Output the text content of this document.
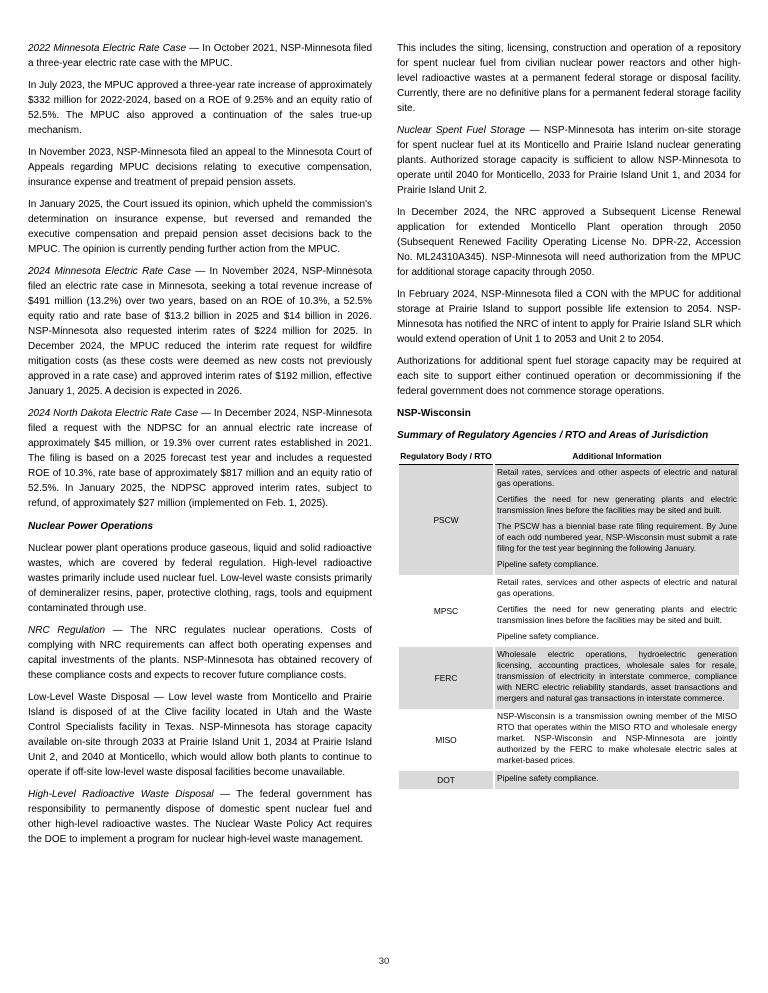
2022 Minnesota Electric Rate Case — In October 2021, NSP-Minnesota filed a three-year electric rate case with the MPUC.

In July 2023, the MPUC approved a three-year rate increase of approximately $332 million for 2022-2024, based on a ROE of 9.25% and an equity ratio of 52.5%. The MPUC also approved a continuation of the sales true-up mechanism.

In November 2023, NSP-Minnesota filed an appeal to the Minnesota Court of Appeals regarding MPUC decisions relating to executive compensation, insurance expense and treatment of prepaid pension assets.

In January 2025, the Court issued its opinion, which upheld the commission's determination on insurance expense, but reversed and remanded the executive compensation and prepaid pension asset decisions back to the MPUC. The opinion is currently pending further action from the MPUC.

2024 Minnesota Electric Rate Case — In November 2024, NSP-Minnesota filed an electric rate case in Minnesota, seeking a total revenue increase of $491 million (13.2%) over two years, based on an ROE of 10.3%, a 52.5% equity ratio and rate base of $13.2 billion in 2025 and $14 billion in 2026. NSP-Minnesota also requested interim rates of $224 million for 2025. In December 2024, the MPUC reduced the interim rate request for wildfire mitigation costs (as these costs were deemed as new costs not previously approved in a rate case) and approved interim rates of $192 million, effective January 1, 2025. A decision is expected in 2026.

2024 North Dakota Electric Rate Case — In December 2024, NSP-Minnesota filed a request with the NDPSC for an annual electric rate increase of approximately $45 million, or 19.3% over current rates established in 2021. The filing is based on a 2025 forecast test year and includes a requested ROE of 10.3%, rate base of approximately $817 million and an equity ratio of 52.5%. In January 2025, the NDPSC approved interim rates, subject to refund, of approximately $27 million (implemented on Feb. 1, 2025).

Nuclear Power Operations

Nuclear power plant operations produce gaseous, liquid and solid radioactive wastes, which are covered by federal regulation. High-level radioactive wastes primarily include used nuclear fuel. Low-level waste consists primarily of demineralizer resins, paper, protective clothing, rags, tools and equipment contaminated through use.

NRC Regulation — The NRC regulates nuclear operations. Costs of complying with NRC requirements can affect both operating expenses and capital investments of the plants. NSP-Minnesota has obtained recovery of these compliance costs and expects to recover future compliance costs.

Low-Level Waste Disposal — Low level waste from Monticello and Prairie Island is disposed of at the Clive facility located in Utah and the Waste Control Specialists facility in Texas. NSP-Minnesota has storage capacity available on-site through 2033 at Prairie Island Unit 1, 2034 at Prairie Island Unit 2, and 2040 at Monticello, which would allow both plants to continue to operate if off-site low-level waste disposal facilities become unavailable.

High-Level Radioactive Waste Disposal — The federal government has responsibility to permanently dispose of domestic spent nuclear fuel and other high-level radioactive wastes. The Nuclear Waste Policy Act requires the DOE to implement a program for nuclear high-level waste management.

This includes the siting, licensing, construction and operation of a repository for spent nuclear fuel from civilian nuclear power reactors and other high-level radioactive wastes at a permanent federal storage or disposal facility. Currently, there are no definitive plans for a permanent federal storage facility site.

Nuclear Spent Fuel Storage — NSP-Minnesota has interim on-site storage for spent nuclear fuel at its Monticello and Prairie Island nuclear generating plants. Authorized storage capacity is sufficient to allow NSP-Minnesota to operate until 2040 for Monticello, 2033 for Prairie Island Unit 1, and 2034 for Prairie Island Unit 2.

In December 2024, the NRC approved a Subsequent License Renewal application for extended Monticello Plant operation through 2050 (Subsequent Renewed Facility Operating License No. DPR-22, Accession No. ML24310A345). NSP-Minnesota will need authorization from the MPUC for additional storage capacity through 2050.

In February 2024, NSP-Minnesota filed a CON with the MPUC for additional storage at Prairie Island to support possible life extension to 2054. NSP-Minnesota has notified the NRC of intent to apply for Prairie Island SLR which would extend operation of Unit 1 to 2053 and Unit 2 to 2054.

Authorizations for additional spent fuel storage capacity may be required at each site to support either continued operation or decommissioning if the federal government does not commence storage operations.

NSP-Wisconsin
Summary of Regulatory Agencies / RTO and Areas of Jurisdiction
Regulatory Body / RTO	Additional Information
PSCW	Retail rates, services and other aspects of electric and natural gas operations.

Certifies the need for new generating plants and electric transmission lines before the facilities may be sited and built.

The PSCW has a biennial base rate filing requirement. By June of each odd numbered year, NSP-Wisconsin must submit a rate filing for the test year beginning the following January.

Pipeline safety compliance.

MPSC	Retail rates, services and other aspects of electric and natural gas operations.

Certifies the need for new generating plants and electric transmission lines before the facilities may be sited and built.

Pipeline safety compliance.

FERC	Wholesale electric operations, hydroelectric generation licensing, accounting practices, wholesale sales for resale, transmission of electricity in interstate commerce, compliance with NERC electric reliability standards, asset transactions and mergers and natural gas transactions in interstate commerce.

MISO	NSP-Wisconsin is a transmission owning member of the MISO RTO that operates within the MISO RTO and wholesale energy market. NSP-Wisconsin and NSP-Minnesota are jointly authorized by the FERC to make wholesale electric sales at market-based prices.

DOT	Pipeline safety compliance.

30
